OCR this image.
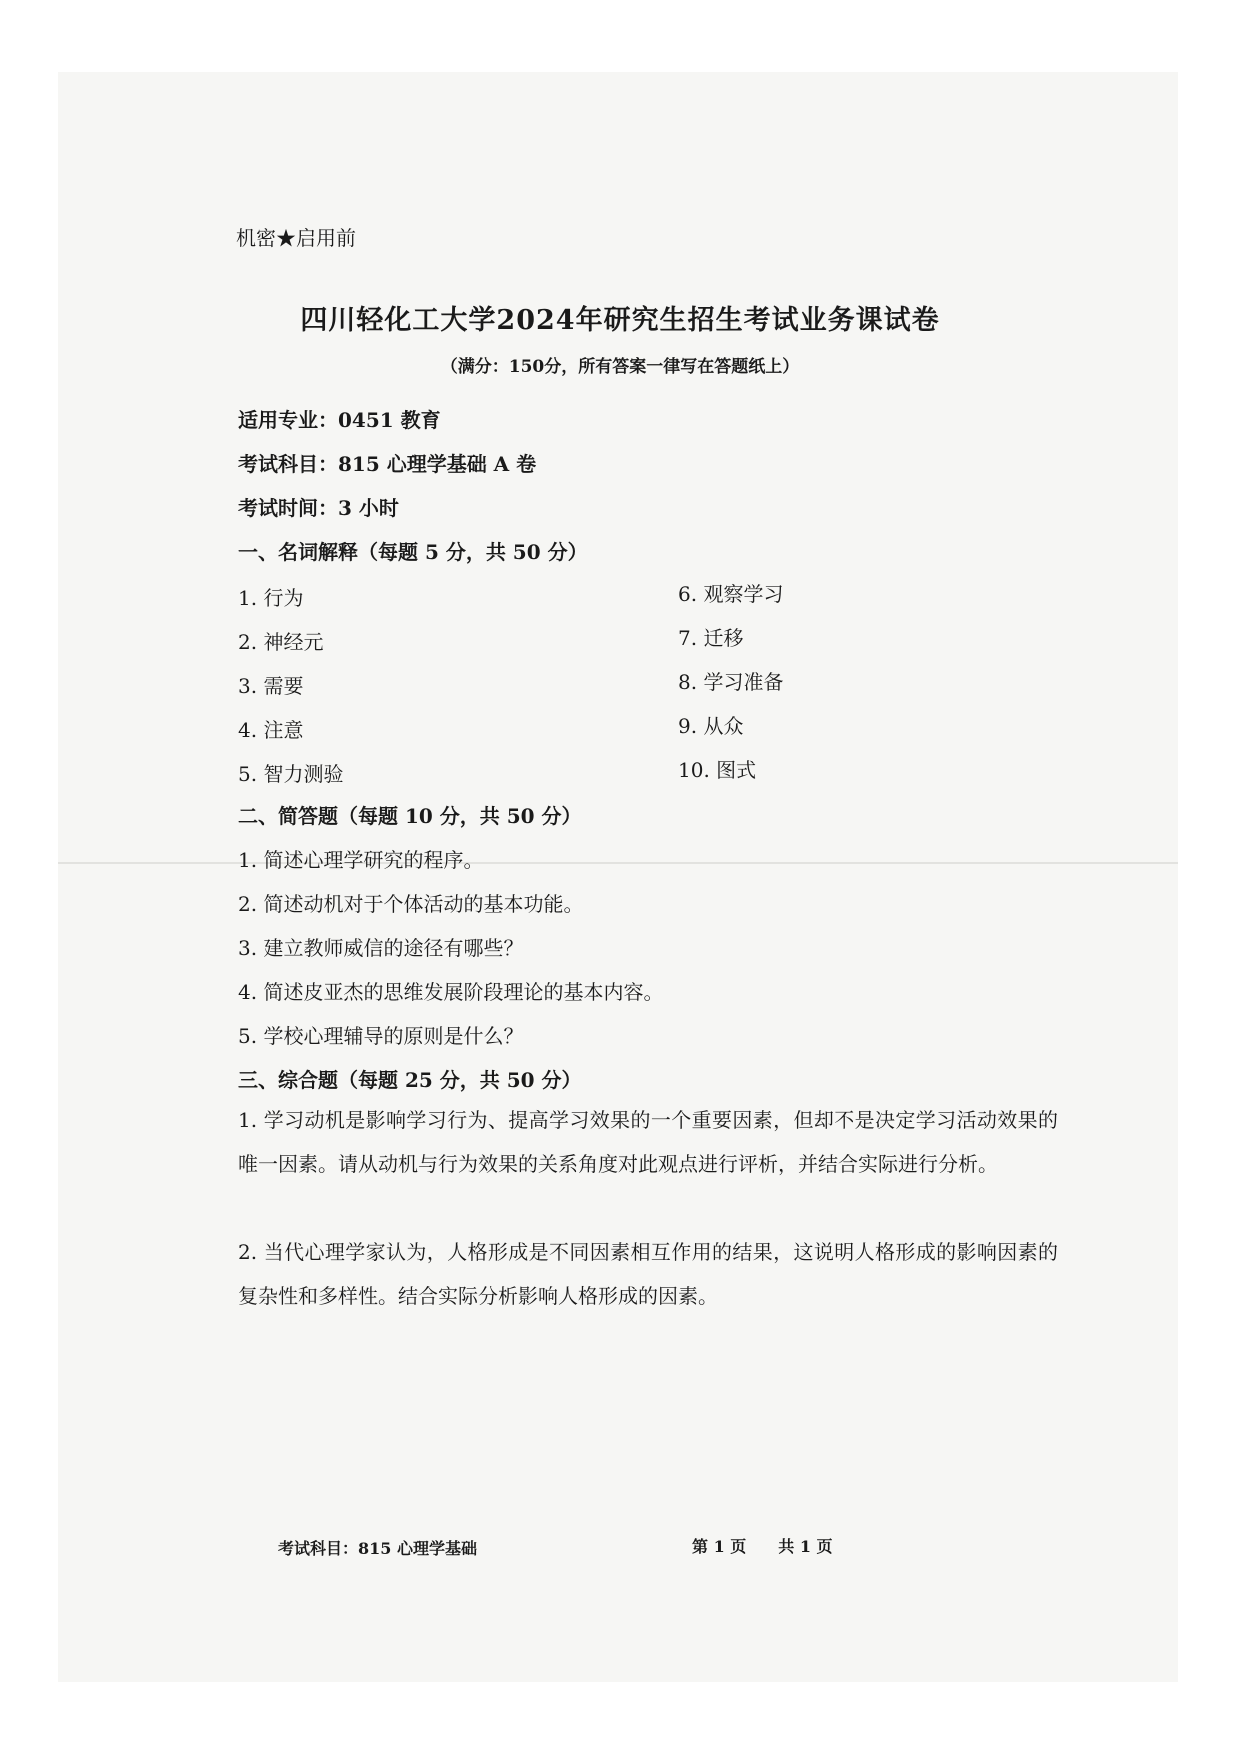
机密★启用前
四川轻化工大学2024年研究生招生考试业务课试卷
（满分：150分，所有答案一律写在答题纸上）
适用专业：0451 教育
考试科目：815 心理学基础 A 卷
考试时间：3 小时
一、名词解释（每题 5 分，共 50 分）
1. 行为
2. 神经元
3. 需要
4. 注意
5. 智力测验
6. 观察学习
7. 迁移
8. 学习准备
9. 从众
10. 图式
二、简答题（每题 10 分，共 50 分）
1. 简述心理学研究的程序。
2. 简述动机对于个体活动的基本功能。
3. 建立教师威信的途径有哪些？
4. 简述皮亚杰的思维发展阶段理论的基本内容。
5. 学校心理辅导的原则是什么？
三、综合题（每题 25 分，共 50 分）
1. 学习动机是影响学习行为、提高学习效果的一个重要因素，但却不是决定学习活动效果的唯一因素。请从动机与行为效果的关系角度对此观点进行评析，并结合实际进行分析。
2. 当代心理学家认为，人格形成是不同因素相互作用的结果，这说明人格形成的影响因素的复杂性和多样性。结合实际分析影响人格形成的因素。
考试科目：815 心理学基础	第 1 页　　共 1 页
